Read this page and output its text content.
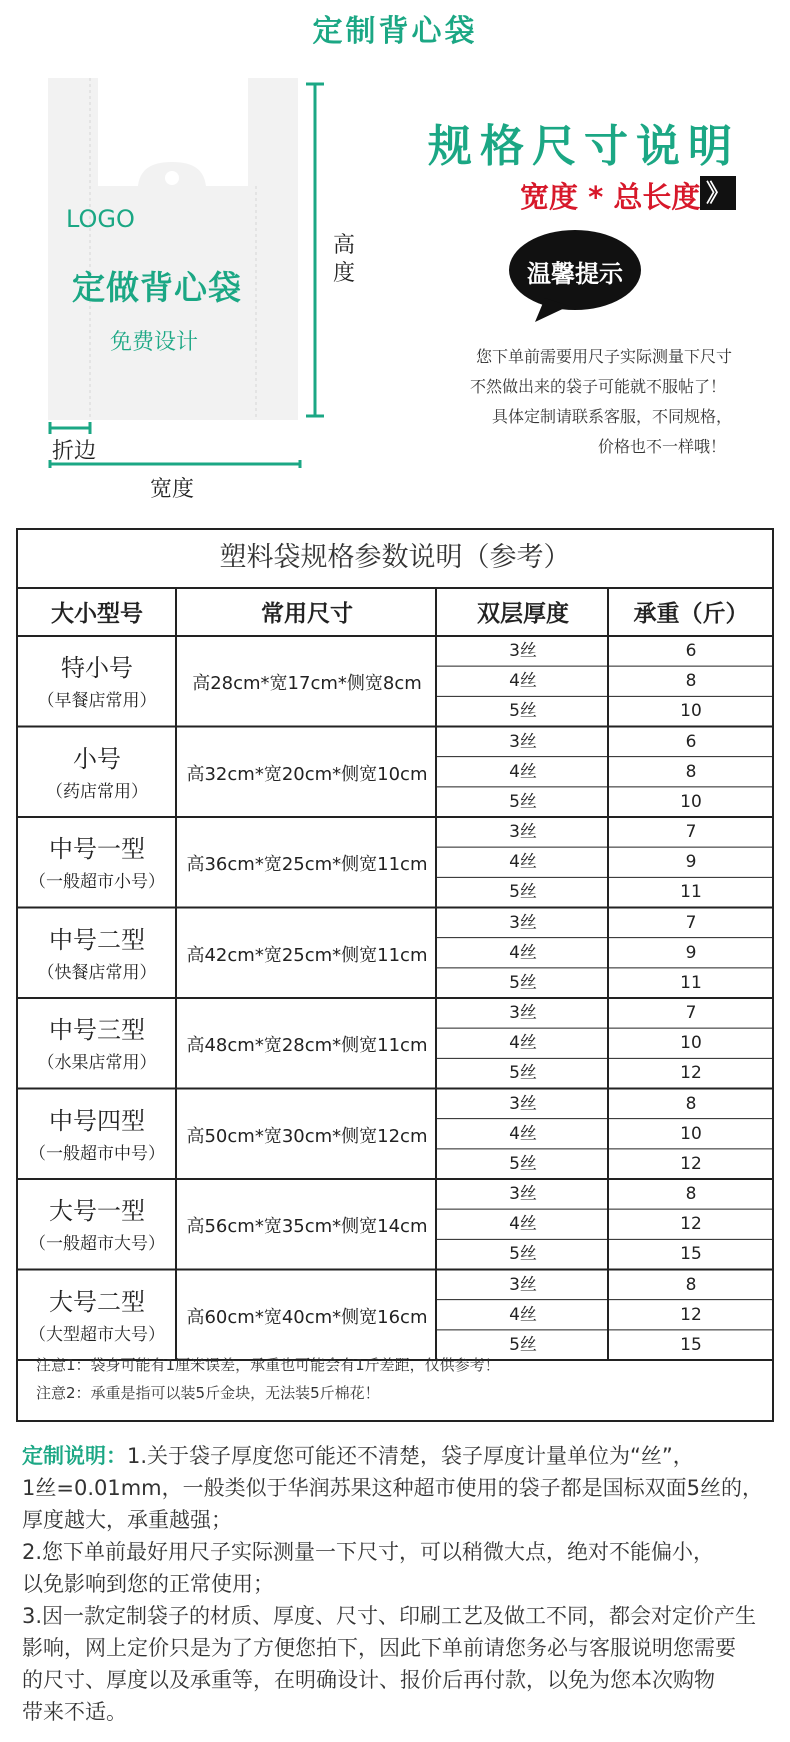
定制背心袋
LOGO
定做背心袋
免费设计
高度
折边
宽度
规格尺寸说明
宽度 * 总长度 》
温馨提示
您下单前需要用尺子实际测量下尺寸
不然做出来的袋子可能就不服帖了！
具体定制请联系客服，不同规格，
价格也不一样哦！
塑料袋规格参数说明（参考）
大小型号	常用尺寸	双层厚度	承重（斤）
特小号
（早餐店常用）
高28cm*宽17cm*侧宽8cm
3丝	6
4丝	8
5丝	10
小号
（药店常用）
高32cm*宽20cm*侧宽10cm
3丝	6
4丝	8
5丝	10
中号一型
（一般超市小号）
高36cm*宽25cm*侧宽11cm
3丝	7
4丝	9
5丝	11
中号二型
（快餐店常用）
高42cm*宽25cm*侧宽11cm
3丝	7
4丝	9
5丝	11
中号三型
（水果店常用）
高48cm*宽28cm*侧宽11cm
3丝	7
4丝	10
5丝	12
中号四型
（一般超市中号）
高50cm*宽30cm*侧宽12cm
3丝	8
4丝	10
5丝	12
大号一型
（一般超市大号）
高56cm*宽35cm*侧宽14cm
3丝	8
4丝	12
5丝	15
大号二型
（大型超市大号）
高60cm*宽40cm*侧宽16cm
3丝	8
4丝	12
5丝	15
注意1：袋身可能有1厘米误差，承重也可能会有1斤差距，仅供参考！
注意2：承重是指可以装5斤金块，无法装5斤棉花！
定制说明：1.关于袋子厚度您可能还不清楚，袋子厚度计量单位为“丝”，
1丝=0.01mm，一般类似于华润苏果这种超市使用的袋子都是国标双面5丝的，
厚度越大，承重越强；
2.您下单前最好用尺子实际测量一下尺寸，可以稍微大点，绝对不能偏小，
以免影响到您的正常使用；
3.因一款定制袋子的材质、厚度、尺寸、印刷工艺及做工不同，都会对定价产生
影响，网上定价只是为了方便您拍下，因此下单前请您务必与客服说明您需要
的尺寸、厚度以及承重等，在明确设计、报价后再付款，以免为您本次购物
带来不适。
